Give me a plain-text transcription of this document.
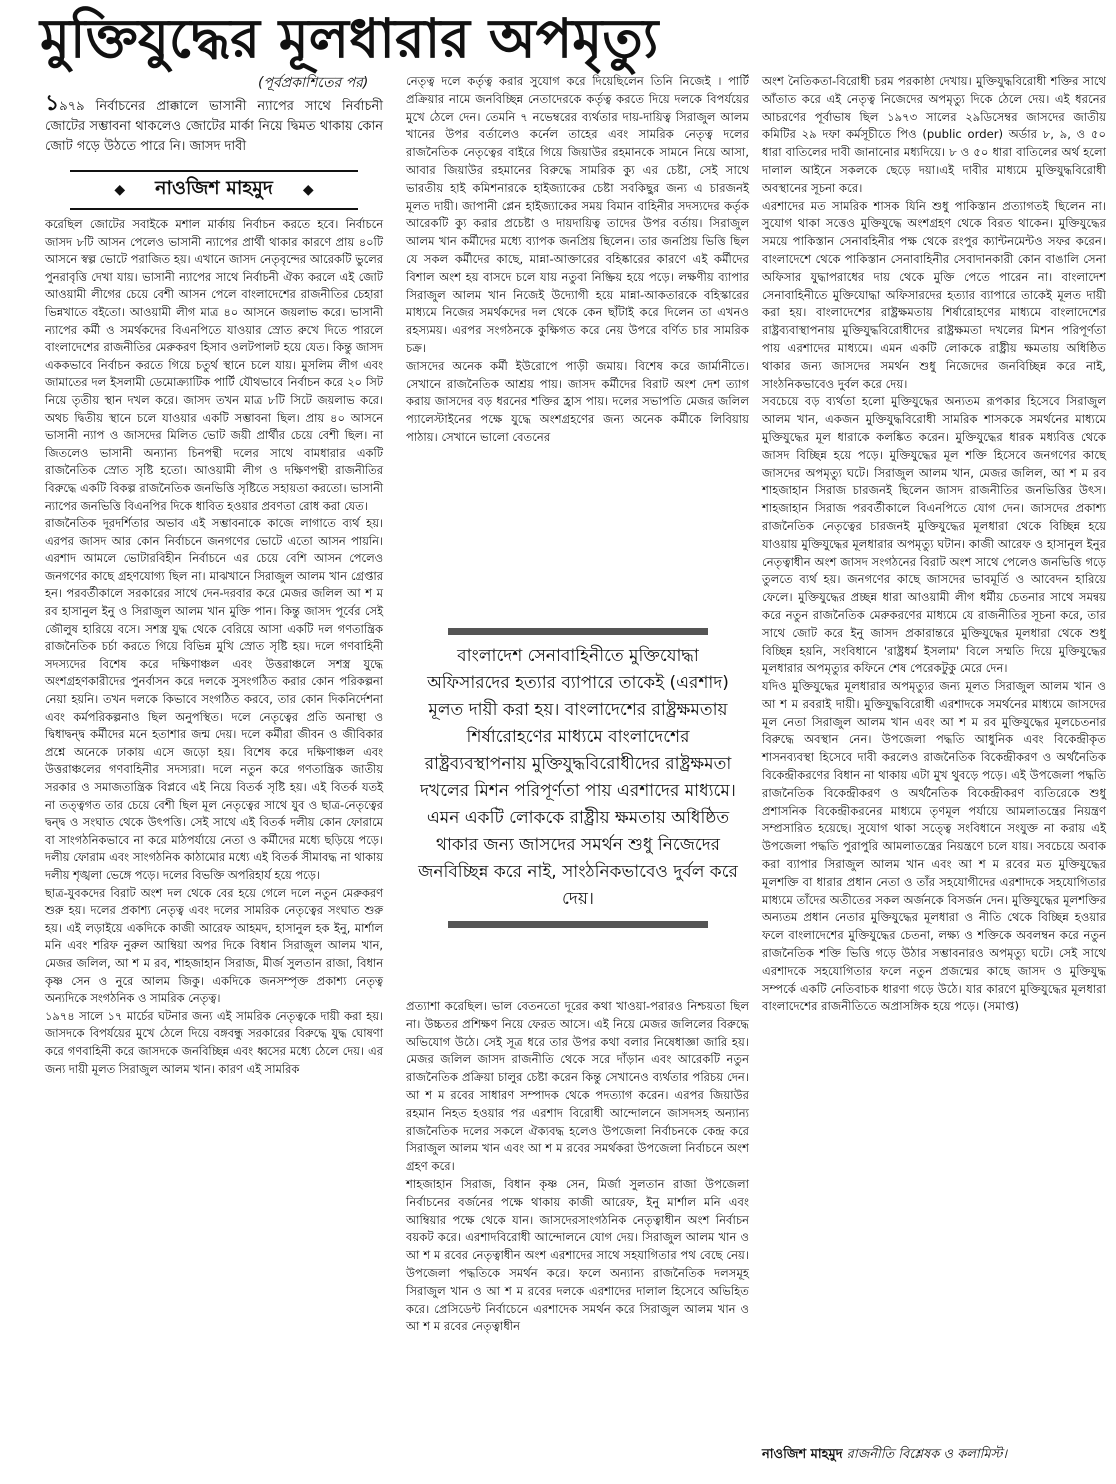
মুক্তিযুদ্ধের মূলধারার অপমৃত্যু
(পূর্বপ্রকাশিতের পর)

১৯৭৯ নির্বাচনের প্রাক্কালে ভাসানী ন্যাপের সাথে নির্বাচনী জোটের সম্ভাবনা থাকলেও জোটের মার্কা নিয়ে দ্বিমত থাকায় কোন জোট গড়ে উঠতে পারে নি। জাসদ দাবী

◆ নাওজিশ মাহমুদ ◆

করেছিল জোটের সবাইকে মশাল মার্কায় নির্বাচন করতে হবে। নির্বাচনে জাসদ ৮টি আসন পেলেও ভাসানী ন্যাপের প্রার্থী থাকার কারণে প্রায় ৪০টি আসনে স্বল্প ভোটে পরাজিত হয়। এখানে জাসদ নেতৃবৃন্দের আরেকটি ভুলের পুনরাবৃত্তি দেখা যায়। ভাসানী ন্যাপের সাথে নির্বাচনী ঐক্য করলে এই জোট আওয়ামী লীগের চেয়ে বেশী আসন পেলে বাংলাদেশের রাজনীতির চেহারা ভিন্নখাতে বইতো। আওয়ামী লীগ মাত্র ৪০ আসনে জয়লাভ করে। ভাসানী ন্যাপের কর্মী ও সমর্থকদের বিএনপিতে যাওয়ার স্রোত রুখে দিতে পারলে বাংলাদেশের রাজনীতির মেরুকরণ হিসাব ওলটপালট হয়ে যেত। কিন্তু জাসদ এককভাবে নির্বাচন করতে গিয়ে চতুর্থ স্থানে চলে যায়। মুসলিম লীগ এবং জামাতের দল ইসলামী ডেমোক্র্যাটিক পার্টি যৌথভাবে নির্বাচন করে ২০ সিট নিয়ে তৃতীয় স্থান দখল করে। জাসদ তখন মাত্র ৮টি সিটে জয়লাভ করে। অথচ দ্বিতীয় স্থানে চলে যাওয়ার একটি সম্ভাবনা ছিল। প্রায় ৪০ আসনে ভাসানী ন্যাপ ও জাসদের মিলিত ভোট জয়ী প্রার্থীর চেয়ে বেশী ছিল। না জিতলেও ভাসানী অন্যান্য চিনপন্থী দলের সাথে বামধারার একটি রাজনৈতিক স্রোত সৃষ্টি হতো। আওয়ামী লীগ ও দক্ষিণপন্থী রাজনীতির বিরুদ্ধে একটি বিকল্প রাজনৈতিক জনভিত্তি সৃষ্টিতে সহায়তা করতো। ভাসানী ন্যাপের জনভিত্তি বিএনপির দিকে ধাবিত হওয়ার প্রবণতা রোধ করা যেত।

রাজনৈতিক দূরদর্শিতার অভাব এই সম্ভাবনাকে কাজে লাগাতে ব্যর্থ হয়। এরপর জাসদ আর কোন নির্বাচনে জনগণের ভোটে এতো আসন পায়নি। এরশাদ আমলে ভোটারবিহীন নির্বাচনে এর চেয়ে বেশি আসন পেলেও জনগণের কাছে গ্রহণযোগ্য ছিল না। মাঝখানে সিরাজুল আলম খান গ্রেপ্তার হন। পরবর্তীকালে সরকারের সাথে দেন-দরবার করে মেজর জলিল আ শ ম রব হাসানুল ইনু ও সিরাজুল আলম খান মুক্তি পান। কিন্তু জাসদ পূর্বের সেই জৌলুষ হারিয়ে বসে। সশস্ত্র যুদ্ধ থেকে বেরিয়ে আসা একটি দল গণতান্ত্রিক রাজনৈতিক চর্চা করতে গিয়ে বিভিন্ন মুখি স্রোত সৃষ্টি হয়। দলে গণবাহিনী সদস্যদের বিশেষ করে দক্ষিণাঞ্চল এবং উত্তরাঞ্চলে সশস্ত্র যুদ্ধে অংশগ্রহণকারীদের পুনর্বাসন করে দলকে সুসংগঠিত করার কোন পরিকল্পনা নেয়া হয়নি। তখন দলকে কিভাবে সংগঠিত করবে, তার কোন দিকনির্দেশনা এবং কর্মপরিকল্পনাও ছিল অনুপস্থিত। দলে নেতৃত্বের প্রতি অনাস্থা ও দ্বিধাদ্বন্দ্ব কর্মীদের মনে হতাশার জন্ম দেয়। দলে কর্মীরা জীবন ও জীবিকার প্রশ্নে অনেকে ঢাকায় এসে জড়ো হয়। বিশেষ করে দক্ষিণাঞ্চল এবং উত্তরাঞ্চলের গণবাহিনীর সদস্যরা। দলে নতুন করে গণতান্ত্রিক জাতীয় সরকার ও সমাজতান্ত্রিক বিপ্লবে এই নিয়ে বিতর্ক সৃষ্টি হয়। এই বিতর্ক যতই না তত্ত্বগত তার চেয়ে বেশী ছিল মূল নেতৃত্বের সাথে যুব ও ছাত্র-নেতৃত্বের দ্বন্দ্ব ও সংঘাত থেকে উৎপত্তি। সেই সাথে এই বিতর্ক দলীয় কোন ফোরামে বা সাংগঠনিকভাবে না করে মাঠপর্যায়ে নেতা ও কর্মীদের মধ্যে ছড়িয়ে পড়ে। দলীয় ফোরাম এবং সাংগঠনিক কাঠামোর মধ্যে এই বিতর্ক সীমাবদ্ধ না থাকায় দলীয় শৃঙ্খলা ভেঙ্গে পড়ে। দলের বিভক্তি অপরিহার্য হয়ে পড়ে।

ছাত্র-যুবকদের বিরাট অংশ দল থেকে বের হয়ে গেলে দলে নতুন মেরুকরণ শুরু হয়। দলের প্রকাশ্য নেতৃত্ব এবং দলের সামরিক নেতৃত্বের সংঘাত শুরু হয়। এই লড়াইয়ে একদিকে কাজী আরেফ আহমদ, হাসানুল হক ইনু, মার্শাল মনি এবং শরিফ নুরুল আম্বিয়া অপর দিকে বিধান সিরাজুল আলম খান, মেজর জলিল, আ শ ম রব, শাহজাহান সিরাজ, মীর্জ সুলতান রাজা, বিধান কৃষ্ণ সেন ও নুরে আলম জিকু। একদিকে জনসম্পৃক্ত প্রকাশ্য নেতৃত্ব অন্যদিকে সংগঠনিক ও সামরিক নেতৃত্ব।

১৯৭৪ সালে ১৭ মার্চের ঘটনার জন্য এই সামরিক নেতৃত্বকে দায়ী করা হয়। জাসদকে বিপর্যয়ের মুখে ঠেলে দিয়ে বঙ্গবন্ধু সরকারের বিরুদ্ধে যুদ্ধ ঘোষণা করে গণবাহিনী করে জাসদকে জনবিচ্ছিন্ন এবং ধ্বসের মধ্যে ঠেলে দেয়। এর জন্য দায়ী মূলত সিরাজুল আলম খান। কারণ এই সামরিক

নেতৃত্ব দলে কর্তৃত্ব করার সুযোগ করে দিয়েছিলেন তিনি নিজেই । পার্টি প্রক্রিয়ার নামে জনবিচ্ছিন্ন নেতাদেরকে কর্তৃত্ব করতে দিয়ে দলকে বিপর্যয়ের মুখে ঠেলে দেন। তেমনি ৭ নভেম্বরের ব্যর্থতার দায়-দায়িত্ব সিরাজুল আলম খানের উপর বর্তালেও কর্নেল তাহের এবং সামরিক নেতৃত্ব দলের রাজনৈতিক নেতৃত্বের বাইরে গিয়ে জিয়াউর রহমানকে সামনে নিয়ে আসা, আবার জিয়াউর রহমানের বিরুদ্ধে সামরিক ক্যু এর চেষ্টা, সেই সাথে ভারতীয় হাই কমিশনারকে হাইজ্যাকের চেষ্টা সবকিছুর জন্য এ চারজনই মূলত দায়ী। জাপানী প্লেন হাইজ্যাকের সময় বিমান বাহিনীর সদস্যদের কর্তৃক আরেকটি ক্যু করার প্রচেষ্টা ও দায়দায়িত্ব তাদের উপর বর্তায়। সিরাজুল আলম খান কর্মীদের মধ্যে ব্যাপক জনপ্রিয় ছিলেন। তার জনপ্রিয় ভিত্তি ছিল যে সকল কর্মীদের কাছে, মান্না-আক্তারের বহিষ্কারের কারণে এই কর্মীদের বিশাল অংশ হয় বাসদে চলে যায় নতুবা নিষ্ক্রিয় হয়ে পড়ে। লক্ষণীয় ব্যাপার সিরাজুল আলম খান নিজেই উদ্যোগী হয়ে মান্না-আকতারকে বহিস্কারের মাধ্যমে নিজের সমর্থকদের দল থেকে কেন ছাঁটাই করে দিলেন তা এখনও রহস্যময়। এরপর সংগঠনকে কুক্ষিগত করে নেয় উপরে বর্ণিত চার সামরিক চক্র।

জাসদের অনেক কর্মী ইউরোপে পাড়ী জমায়। বিশেষ করে জার্মানীতে। সেখানে রাজনৈতিক আশ্রয় পায়। জাসদ কর্মীদের বিরাট অংশ দেশ ত্যাগ করায় জাসদের বড় ধরনের শক্তির হ্রাস পায়। দলের সভাপতি মেজর জলিল প্যালেস্টাইনের পক্ষে যুদ্ধে অংশগ্রহণের জন্য অনেক কর্মীকে লিবিয়ায় পাঠায়। সেখানে ভালো বেতনের

বাংলাদেশ সেনাবাহিনীতে মুক্তিযোদ্ধা অফিসারদের হত্যার ব্যাপারে তাকেই (এরশাদ) মূলত দায়ী করা হয়। বাংলাদেশের রাষ্ট্রক্ষমতায় শির্ষারোহণের মাধ্যমে বাংলাদেশের রাষ্ট্রব্যবস্থাপনায় মুক্তিযুদ্ধবিরোধীদের রাষ্ট্রক্ষমতা দখলের মিশন পরিপূর্ণতা পায় এরশাদের মাধ্যমে। এমন একটি লোককে রাষ্ট্রীয় ক্ষমতায় অধিষ্ঠিত থাকার জন্য জাসদের সমর্থন শুধু নিজেদের জনবিচ্ছিন্ন করে নাই, সাংঠনিকভাবেও দুর্বল করে দেয়।

প্রত্যাশা করেছিল। ভাল বেতনতো দূরের কথা খাওয়া-পরারও নিশ্চয়তা ছিল না। উচ্চতর প্রশিক্ষণ নিয়ে ফেরত আসে। এই নিয়ে মেজর জলিলের বিরুদ্ধে অভিযোগ উঠে। সেই সূত্র ধরে তার উপর কথা বলার নিষেধাজ্ঞা জারি হয়। মেজর জলিল জাসদ রাজনীতি থেকে সরে দাঁড়ান এবং আরেকটি নতুন রাজনৈতিক প্রক্রিয়া চালুর চেষ্টা করেন কিন্তু সেখানেও ব্যর্থতার পরিচয় দেন। আ শ ম রবের সাধারণ সম্পাদক থেকে পদত্যাগ করেন। এরপর জিয়াউর রহমান নিহত হওয়ার পর এরশাদ বিরোধী আন্দোলনে জাসদসহ অন্যান্য রাজনৈতিক দলের সকলে ঐক্যবদ্ধ হলেও উপজেলা নির্বাচনকে কেন্দ্র করে সিরাজুল আলম খান এবং আ শ ম রবের সমর্থকরা উপজেলা নির্বাচনে অংশ গ্রহণ করে।

শাহজাহান সিরাজ, বিধান কৃষ্ণ সেন, মির্জা সুলতান রাজা উপজেলা নির্বাচনের বর্জনের পক্ষে থাকায় কাজী আরেফ, ইনু মার্শাল মনি এবং আম্বিয়ার পক্ষে থেকে যান। জাসদেরসাংগঠনিক নেতৃত্বাধীন অংশ নির্বাচন বয়কট করে। এরশাদবিরোধী আন্দোলনে যোগ দেয়। সিরাজুল আলম খান ও আ শ ম রবের নেতৃত্বাধীন অংশ এরশাদের সাথে সহযাগিতার পথ বেছে নেয়। উপজেলা পদ্ধতিকে সমর্থন করে। ফলে অন্যান্য রাজনৈতিক দলসমূহ সিরাজুল খান ও আ শ ম রবের দলকে এরশাদের দালাল হিসেবে অভিহিত করে। প্রেসিডেন্ট নির্বাচেনে এরশাদেক সমর্থন করে সিরাজুল আলম খান ও আ শ ম রবের নেতৃত্বাধীন

অংশ নৈতিকতা-বিরোধী চরম পরকাষ্ঠা দেখায়। মুক্তিযুদ্ধবিরোধী শক্তির সাথে আঁতাত করে এই নেতৃত্ব নিজেদের অপমৃত্যু দিকে ঠেলে দেয়। এই ধরনের আচরণের পূর্বাভাষ ছিল ১৯৭৩ সালের ২৯ডিসেম্বর জাসদের জাতীয় কমিটির ২৯ দফা কর্মসূচীতে পিও (public order) অর্ডার ৮, ৯, ও ৫০ ধারা বাতিলের দাবী জানানোর মধ্যদিয়ে। ৮ ও ৫০ ধারা বাতিলের অর্থ হলো দালাল আইনে সকলকে ছেড়ে দয়া।এই দাবীর মাধ্যমে মুক্তিযুদ্ধবিরোধী অবস্থানের সূচনা করে।

এরশাদের মত সামরিক শাসক যিনি শুধু পাকিস্তান প্রত্যাগতই ছিলেন না। সুযোগ থাকা সত্তেও মুক্তিযুদ্ধে অংশগ্রহণ থেকে বিরত থাকেন। মুক্তিযুদ্ধের সময়ে পাকিস্তান সেনাবহিনীর পক্ষ থেকে রংপুর ক্যান্টনমেন্টও সফর করেন। বাংলাদেশে থেকে পাকিস্তান সেনাবাহিনীর সেবাদানকারী কোন বাঙালি সেনা অফিসার যুদ্ধাপরাধের দায় থেকে মুক্তি পেতে পারেন না। বাংলাদেশ সেনাবাহিনীতে মুক্তিযোদ্ধা অফিসারদের হত্যার ব্যাপারে তাকেই মূলত দায়ী করা হয়। বাংলাদেশের রাষ্ট্রক্ষমতায় শির্ষারোহণের মাধ্যমে বাংলাদেশের রাষ্ট্রব্যবাস্থাপনায় মুক্তিযুদ্ধবিরোধীদের রাষ্ট্রক্ষমতা দখলের মিশন পরিপূর্ণতা পায় এরশাদের মাধ্যমে। এমন একটি লোককে রাষ্ট্রীয় ক্ষমতায় অধিষ্ঠিত থাকার জন্য জাসদের সমর্থন শুধু নিজেদের জনবিচ্ছিন্ন করে নাই, সাংঠনিকভাবেও দুর্বল করে দেয়।

সবচেয়ে বড় ব্যর্থতা হলো মুক্তিযুদ্ধের অন্যতম রূপকার হিসেবে সিরাজুল আলম খান, একজন মুক্তিযুদ্ধবিরোধী সামরিক শাসককে সমর্থনের মাধ্যমে মুক্তিযুদ্ধের মূল ধারাকে কলঙ্কিত করেন। মুক্তিযুদ্ধের ধারক মধ্যবিত্ত থেকে জাসদ বিচ্ছিন্ন হয়ে পড়ে। মুক্তিযুদ্ধের মূল শক্তি হিসেবে জনগণের কাছে জাসদের অপমৃত্যু ঘটে। সিরাজুল আলম খান, মেজর জলিল, আ শ ম রব শাহজাহান সিরাজ চারজনই ছিলেন জাসদ রাজনীতির জনভিত্তির উৎস। শাহজাহান সিরাজ পরবর্তীকালে বিএনপিতে যোগ দেন। জাসদের প্রকাশ্য রাজনৈতিক নেতৃত্বের চারজনই মুক্তিযুদ্ধের মূলধারা থেকে বিচ্ছিন্ন হয়ে যাওয়ায় মুক্তিযুদ্ধের মূলধারার অপমৃত্যু ঘটান। কাজী আরেফ ও হাসানুল ইনুর নেতৃত্বাধীন অংশ জাসদ সংগঠনের বিরাট অংশ সাথে পেলেও জনভিত্তি গড়ে তুলতে ব্যর্থ হয়। জনগণের কাছে জাসদের ভাবমূর্তি ও আবেদন হারিয়ে ফেলে। মুক্তিযুদ্ধের প্রচ্ছন্ন ধারা আওয়ামী লীগ ধর্মীয় চেতনার সাথে সমন্বয় করে নতুন রাজনৈতিক মেরুকরণের মাধ্যমে যে রাজনীতির সূচনা করে, তার সাথে জোট করে ইনু জাসদ প্রকারান্তরে মুক্তিযুদ্ধের মূলধারা থেকে শুধু বিচ্ছিন্ন হয়নি, সংবিধানে 'রাষ্ট্রধর্ম ইসলাম' বিলে সম্মতি দিয়ে মুক্তিযুদ্ধের মূলধারার অপমৃত্যুর কফিনে শেষ পেরেকটুকু মেরে দেন।

যদিও মুক্তিযুদ্ধের মূলধারার অপমৃত্যুর জন্য মূলত সিরাজুল আলম খান ও আ শ ম রবরাই দায়ী। মুক্তিযুদ্ধবিরোধী এরশাদকে সমর্থনের মাধ্যমে জাসদের মূল নেতা সিরাজুল আলম খান এবং আ শ ম রব মুক্তিযুদ্ধের মূলচেতনার বিরুদ্ধে অবস্থান নেন। উপজেলা পদ্ধতি আধুনিক এবং বিকেন্দ্রীকৃত শাসনব্যবস্থা হিসেবে দাবী করলেও রাজনৈতিক বিকেন্দ্রীকরণ ও অর্থনৈতিক বিকেন্দ্রীকরণের বিধান না থাকায় এটা মুখ থুবড়ে পড়ে। এই উপজেলা পদ্ধতি রাজনৈতিক বিকেন্দ্রীকরণ ও অর্থনৈতিক বিকেন্দ্রীকরণ ব্যতিরেকে শুধু প্রশাসনিক বিকেন্দ্রীকরনের মাধ্যমে তৃণমূল পর্যায়ে আমলাতন্ত্রের নিয়ন্ত্রণ সম্প্রসারিত হয়েছে। সুযোগ থাকা সত্ত্বে সংবিধানে সংযুক্ত না করায় এই উপজেলা পদ্ধতি পুরাপুরি আমলাতন্ত্রের নিয়ন্ত্রণে চলে যায়। সবচেয়ে অবাক করা ব্যাপার সিরাজুল আলম খান এবং আ শ ম রবের মত মুক্তিযুদ্ধের মূলশক্তি বা ধারার প্রধান নেতা ও তাঁর সহযোগীদের এরশাদকে সহযোগিতার মাধ্যমে তাঁদের অতীতের সকল অর্জনকে বিসর্জন দেন। মুক্তিযুদ্ধের মূলশক্তির অন্যতম প্রধান নেতার মুক্তিযুদ্ধের মূলধারা ও নীতি থেকে বিচ্ছিন্ন হওয়ার ফলে বাংলাদেশের মুক্তিযুদ্ধের চেতনা, লক্ষ্য ও শক্তিকে অবলম্বন করে নতুন রাজনৈতিক শক্তি ভিত্তি গড়ে উঠার সম্ভাবনারও অপমৃত্যু ঘটে। সেই সাথে এরশাদকে সহযোগিতার ফলে নতুন প্রজন্মের কাছে জাসদ ও মুক্তিযুদ্ধ সম্পর্কে একটি নেতিবাচক ধারণা গড়ে উঠে। যার কারণে মুক্তিযুদ্ধের মূলধারা বাংলাদেশের রাজনীতিতে অপ্রাসঙ্গিক হয়ে পড়ে। (সমাপ্ত)

নাওজিশ মাহমুদ রাজনীতি বিশ্লেষক ও কলামিস্ট।
